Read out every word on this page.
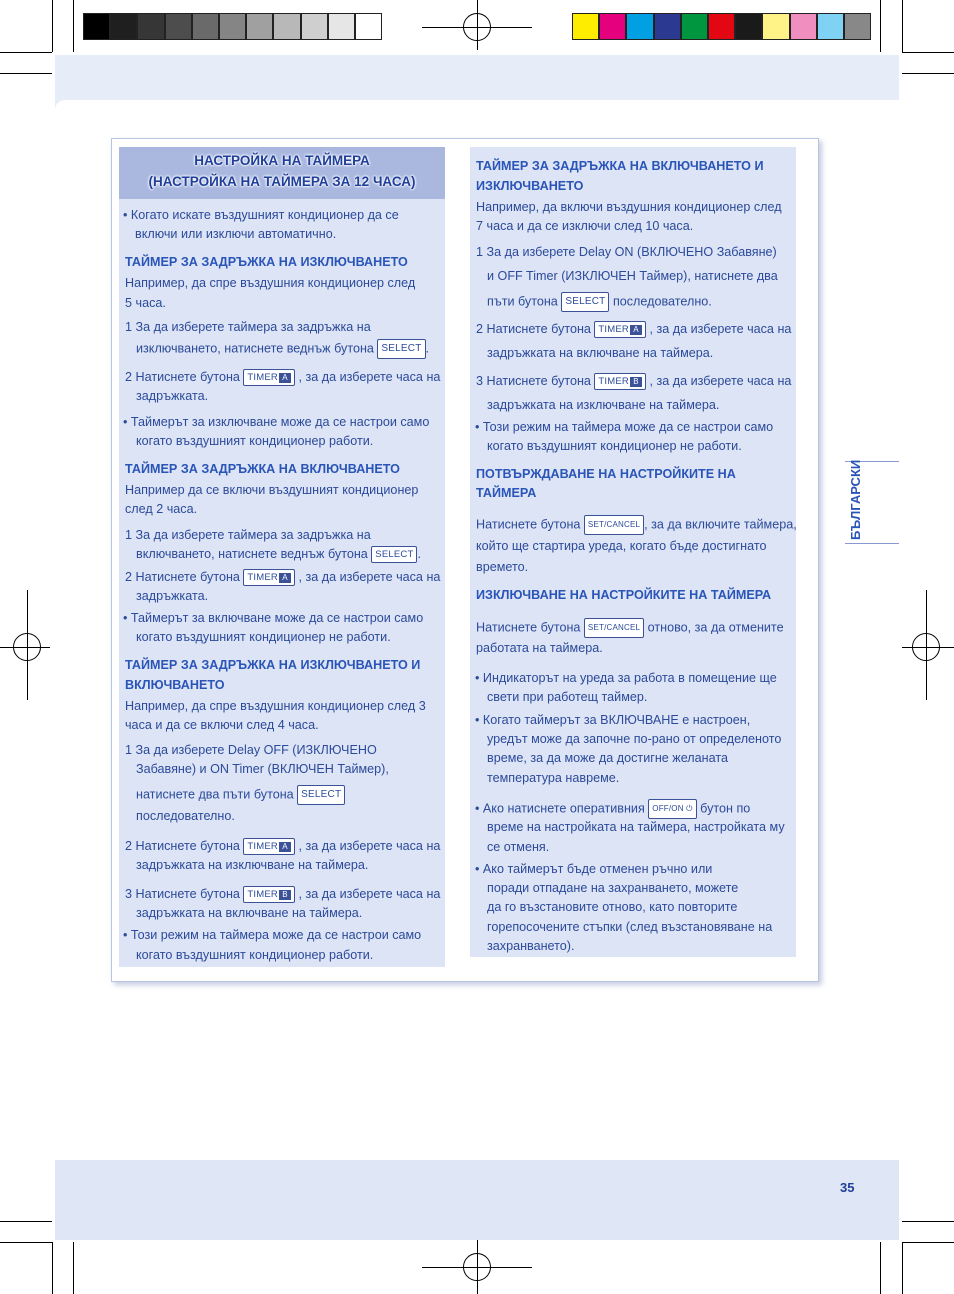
БЪЛГАРСКИ
НАСТРОЙКА НА ТАЙМЕРА
(НАСТРОЙКА НА ТАЙМЕРА ЗА 12 ЧАСА)
• Когато искате въздушният кондиционер да се
включи или изключи автоматично.
ТАЙМЕР ЗА ЗАДРЪЖКА НА ИЗКЛЮЧВАНЕТО
Например, да спре въздушния кондиционер след
5 часа.
1 За да изберете таймера за задръжка на
изключването, натиснете веднъж бутона SELECT .
2 Натиснете бутона TIMER A , за да изберете часа на
задръжката.
• Таймерът за изключване може да се настрои само
когато въздушният кондиционер работи.
ТАЙМЕР ЗА ЗАДРЪЖКА НА ВКЛЮЧВАНЕТО
Например да се включи въздушният кондиционер
след 2 часа.
1 За да изберете таймера за задръжка на
включването, натиснете веднъж бутона SELECT .
2 Натиснете бутона TIMER A , за да изберете часа на
задръжката.
• Таймерът за включване може да се настрои само
когато въздушният кондиционер не работи.
ТАЙМЕР ЗА ЗАДРЪЖКА НА ИЗКЛЮЧВАНЕТО И
ВКЛЮЧВАНЕТО
Например, да спре въздушния кондиционер след 3
часа и да се включи след 4 часа.
1 За да изберете Delay OFF (ИЗКЛЮЧЕНО
Забавяне) и ON Timer (ВКЛЮЧЕН Таймер),
натиснете два пъти бутона SELECT
последователно.
2 Натиснете бутона TIMER A , за да изберете часа на
задръжката на изключване на таймера.
3 Натиснете бутона TIMER B , за да изберете часа на
задръжката на включване на таймера.
• Този режим на таймера може да се настрои само
когато въздушният кондиционер работи.
ТАЙМЕР ЗА ЗАДРЪЖКА НА ВКЛЮЧВАНЕТО И
ИЗКЛЮЧВАНЕТО
Например, да включи въздушния кондиционер след
7 часа и да се изключи след 10 часа.
1 За да изберете Delay ON (ВКЛЮЧЕНО Забавяне)
и OFF Timer (ИЗКЛЮЧЕН Таймер), натиснете два
пъти бутона SELECT последователно.
2 Натиснете бутона TIMER A , за да изберете часа на
задръжката на включване на таймера.
3 Натиснете бутона TIMER B , за да изберете часа на
задръжката на изключване на таймера.
• Този режим на таймера може да се настрои само
когато въздушният кондиционер не работи.
ПОТВЪРЖДАВАНЕ НА НАСТРОЙКИТЕ НА
ТАЙМЕРА
Натиснете бутона SET/CANCEL , за да включите таймера,
който ще стартира уреда, когато бъде достигнато
времето.
ИЗКЛЮЧВАНЕ НА НАСТРОЙКИТЕ НА ТАЙМЕРА
Натиснете бутона SET/CANCEL отново, за да отмените
работата на таймера.
• Индикаторът на уреда за работа в помещение ще
свети при работещ таймер.
• Когато таймерът за ВКЛЮЧВАНЕ е настроен,
уредът може да започне по-рано от определеното
време, за да може да достигне желаната
температура навреме.
• Ако натиснете оперативния OFF/ON ⏻ бутон по
време на настройката на таймера, настройката му
се отменя.
• Ако таймерът бъде отменен ръчно или
поради отпадане на захранването, можете
да го възстановите отново, като повторите
горепосочените стъпки (след възстановяване на
захранването).
35
